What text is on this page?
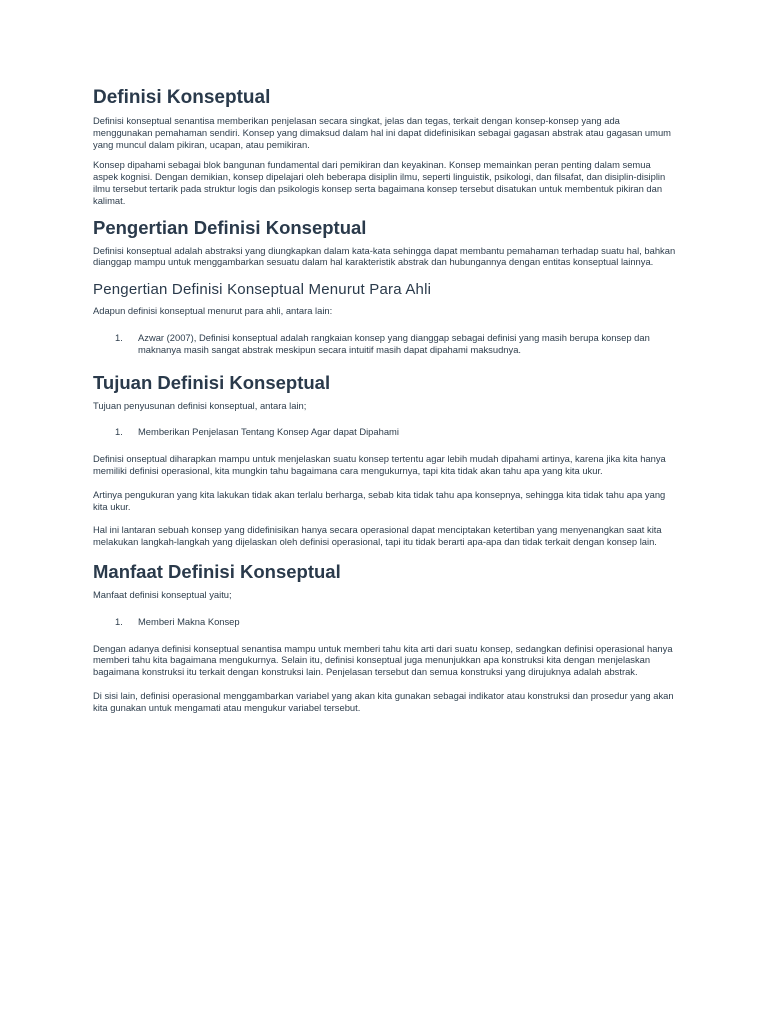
Definisi Konseptual

Definisi konseptual senantisa memberikan penjelasan secara singkat, jelas dan tegas, terkait dengan konsep-konsep yang ada menggunakan pemahaman sendiri. Konsep yang dimaksud dalam hal ini dapat didefinisikan sebagai gagasan abstrak atau gagasan umum yang muncul dalam pikiran, ucapan, atau pemikiran.

Konsep dipahami sebagai blok bangunan fundamental dari pemikiran dan keyakinan. Konsep memainkan peran penting dalam semua aspek kognisi. Dengan demikian, konsep dipelajari oleh beberapa disiplin ilmu, seperti linguistik, psikologi, dan filsafat, dan disiplin-disiplin ilmu tersebut tertarik pada struktur logis dan psikologis konsep serta bagaimana konsep tersebut disatukan untuk membentuk pikiran dan kalimat.

Pengertian Definisi Konseptual

Definisi konseptual adalah abstraksi yang diungkapkan dalam kata-kata sehingga dapat membantu pemahaman terhadap suatu hal, bahkan dianggap mampu untuk menggambarkan sesuatu dalam hal karakteristik abstrak dan hubungannya dengan entitas konseptual lainnya.

Pengertian Definisi Konseptual Menurut Para Ahli

Adapun definisi konseptual menurut para ahli, antara lain:

1.	Azwar (2007), Definisi konseptual adalah rangkaian konsep yang dianggap sebagai definisi yang masih berupa konsep dan maknanya masih sangat abstrak meskipun secara intuitif masih dapat dipahami maksudnya.
Tujuan Definisi Konseptual

Tujuan penyusunan definisi konseptual, antara lain;

1.	Memberikan Penjelasan Tentang Konsep Agar dapat Dipahami

Definisi onseptual diharapkan mampu untuk menjelaskan suatu konsep tertentu agar lebih mudah dipahami artinya, karena jika kita hanya memiliki definisi operasional, kita mungkin tahu bagaimana cara mengukurnya, tapi kita tidak akan tahu apa yang kita ukur.

Artinya pengukuran yang kita lakukan tidak akan terlalu berharga, sebab kita tidak tahu apa konsepnya, sehingga kita tidak tahu apa yang kita ukur.

Hal ini lantaran sebuah konsep yang didefinisikan hanya secara operasional dapat menciptakan ketertiban yang menyenangkan saat kita melakukan langkah-langkah yang dijelaskan oleh definisi operasional, tapi itu tidak berarti apa-apa dan tidak terkait dengan konsep lain.

Manfaat Definisi Konseptual

Manfaat definisi konseptual yaitu;

1.	Memberi Makna Konsep

Dengan adanya definisi konseptual senantisa mampu untuk memberi tahu kita arti dari suatu konsep, sedangkan definisi operasional hanya memberi tahu kita bagaimana mengukurnya. Selain itu, definisi konseptual juga menunjukkan apa konstruksi kita dengan menjelaskan bagaimana konstruksi itu terkait dengan konstruksi lain. Penjelasan tersebut dan semua konstruksi yang dirujuknya adalah abstrak.

Di sisi lain, definisi operasional menggambarkan variabel yang akan kita gunakan sebagai indikator atau konstruksi dan prosedur yang akan kita gunakan untuk mengamati atau mengukur variabel tersebut.
